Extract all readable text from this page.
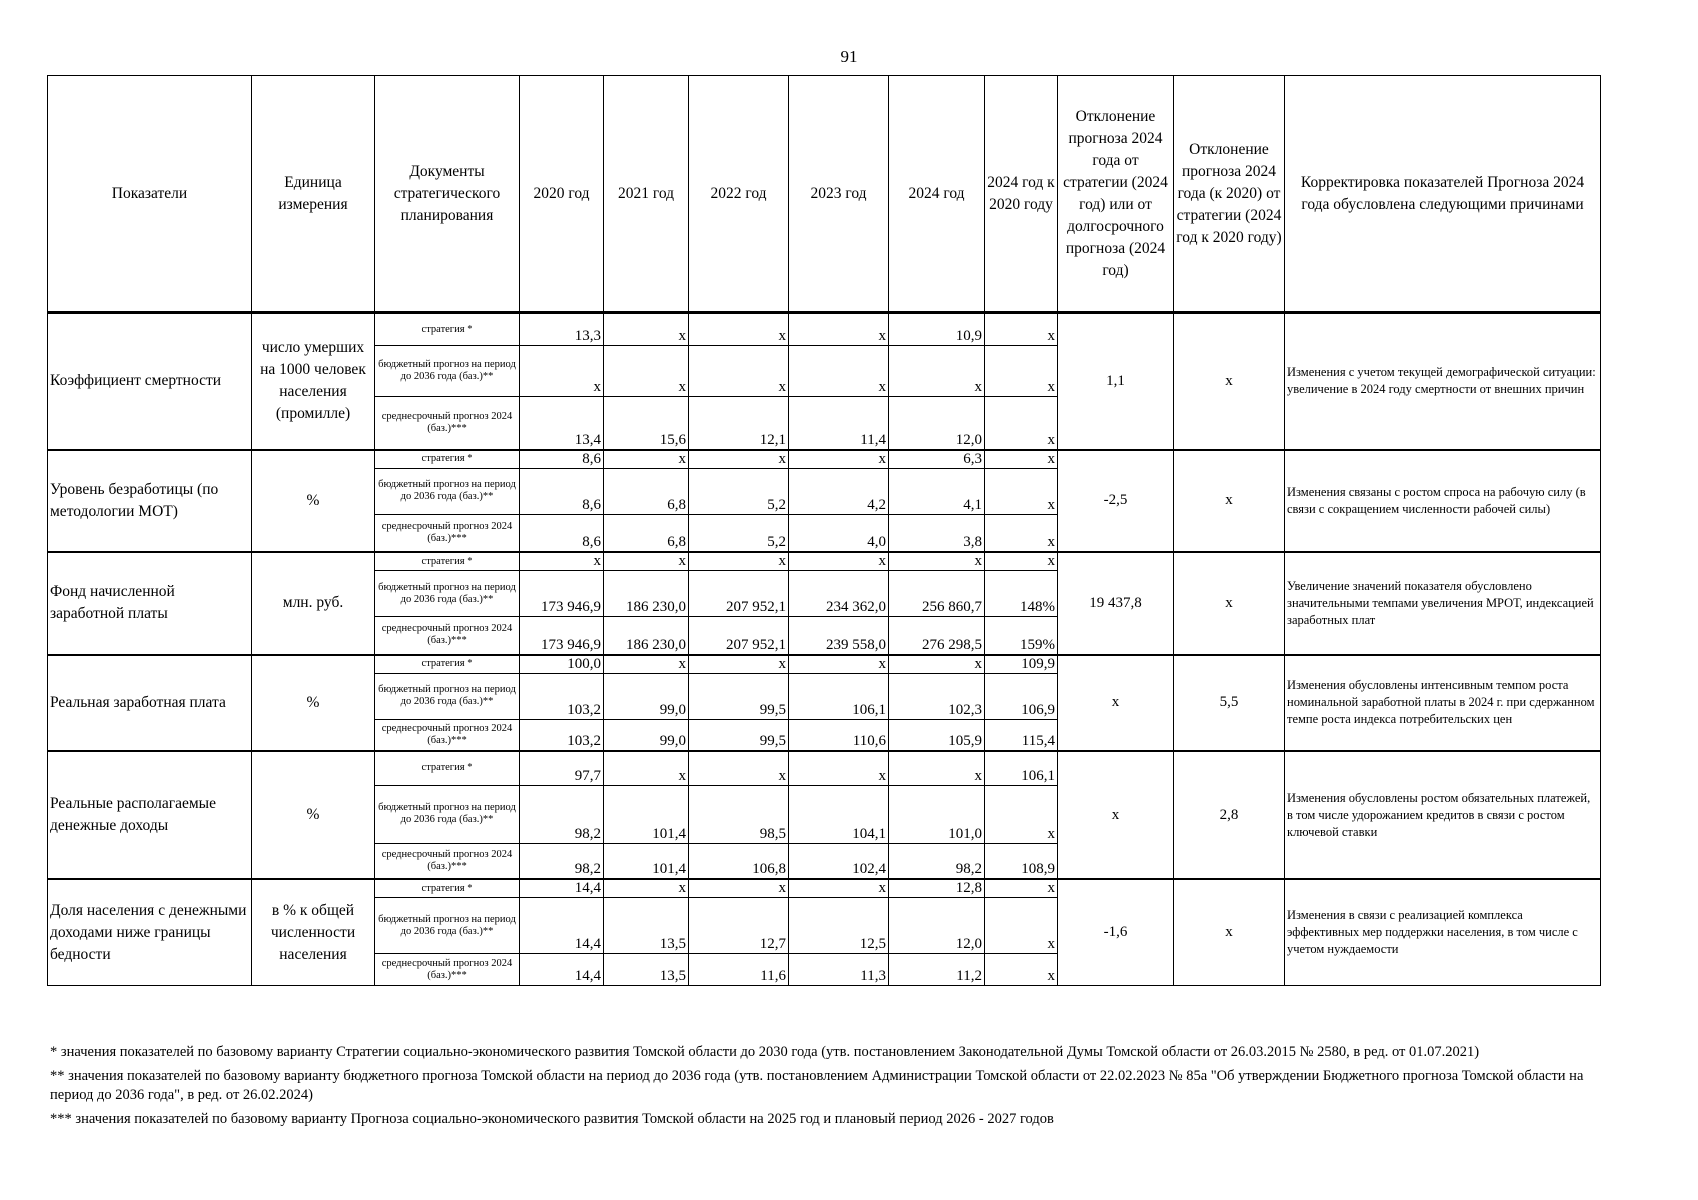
91
Показатели	Единица измерения	Документы стратегического планирования	2020 год	2021 год	2022 год	2023 год	2024 год	2024 год к 2020 году	Отклонение прогноза 2024 года от стратегии (2024 год) или от долгосрочного прогноза (2024 год)	Отклонение прогноза 2024 года (к 2020) от стратегии (2024 год к 2020 году)	Корректировка показателей Прогноза 2024 года обусловлена следующими причинами
Коэффициент смертности	число умерших на 1000 человек населения (промилле)	стратегия *	13,3	х	х	х	10,9	х	1,1	х	Изменения с учетом текущей демографической ситуации: увеличение в 2024 году смертности от внешних причин
		бюджетный прогноз на период до 2036 года (баз.)**	х	х	х	х	х	х			
		среднесрочный прогноз 2024 (баз.)***	13,4	15,6	12,1	11,4	12,0	х			
Уровень безработицы (по методологии МОТ)	%	стратегия *	8,6	х	х	х	6,3	х	-2,5	х	Изменения связаны с ростом спроса на рабочую силу (в связи с сокращением численности рабочей силы)
		бюджетный прогноз на период до 2036 года (баз.)**	8,6	6,8	5,2	4,2	4,1	х			
		среднесрочный прогноз 2024 (баз.)***	8,6	6,8	5,2	4,0	3,8	х			
Фонд начисленной заработной платы	млн. руб.	стратегия *	х	х	х	х	х	х	19 437,8	х	Увеличение значений показателя обусловлено значительными темпами увеличения МРОТ, индексацией заработных плат
		бюджетный прогноз на период до 2036 года (баз.)**	173 946,9	186 230,0	207 952,1	234 362,0	256 860,7	148%			
		среднесрочный прогноз 2024 (баз.)***	173 946,9	186 230,0	207 952,1	239 558,0	276 298,5	159%			
Реальная заработная плата	%	стратегия *	100,0	х	х	х	х	109,9	х	5,5	Изменения обусловлены интенсивным темпом роста номинальной заработной платы в 2024 г. при сдержанном темпе роста индекса потребительских цен
		бюджетный прогноз на период до 2036 года (баз.)**	103,2	99,0	99,5	106,1	102,3	106,9			
		среднесрочный прогноз 2024 (баз.)***	103,2	99,0	99,5	110,6	105,9	115,4			
Реальные располагаемые денежные доходы	%	стратегия *	97,7	х	х	х	х	106,1	х	2,8	Изменения обусловлены ростом обязательных платежей, в том числе удорожанием кредитов в связи с ростом ключевой ставки
		бюджетный прогноз на период до 2036 года (баз.)**	98,2	101,4	98,5	104,1	101,0	х			
		среднесрочный прогноз 2024 (баз.)***	98,2	101,4	106,8	102,4	98,2	108,9			
Доля населения с денежными доходами ниже границы бедности	в % к общей численности населения	стратегия *	14,4	х	х	х	12,8	х	-1,6	х	Изменения в связи с реализацией комплекса эффективных мер поддержки населения, в том числе с учетом нуждаемости
		бюджетный прогноз на период до 2036 года (баз.)**	14,4	13,5	12,7	12,5	12,0	х			
		среднесрочный прогноз 2024 (баз.)***	14,4	13,5	11,6	11,3	11,2	х			

* значения показателей по базовому варианту Стратегии социально-экономического развития Томской области до 2030 года (утв. постановлением Законодательной Думы Томской области от 26.03.2015 № 2580, в ред. от 01.07.2021)

** значения показателей по базовому варианту бюджетного прогноза Томской области на период до 2036 года (утв. постановлением Администрации Томской области от 22.02.2023 № 85а "Об утверждении Бюджетного прогноза Томской области на период до 2036 года", в ред. от 26.02.2024)

*** значения показателей по базовому варианту Прогноза социально-экономического развития Томской области на 2025 год и плановый период 2026 - 2027 годов
